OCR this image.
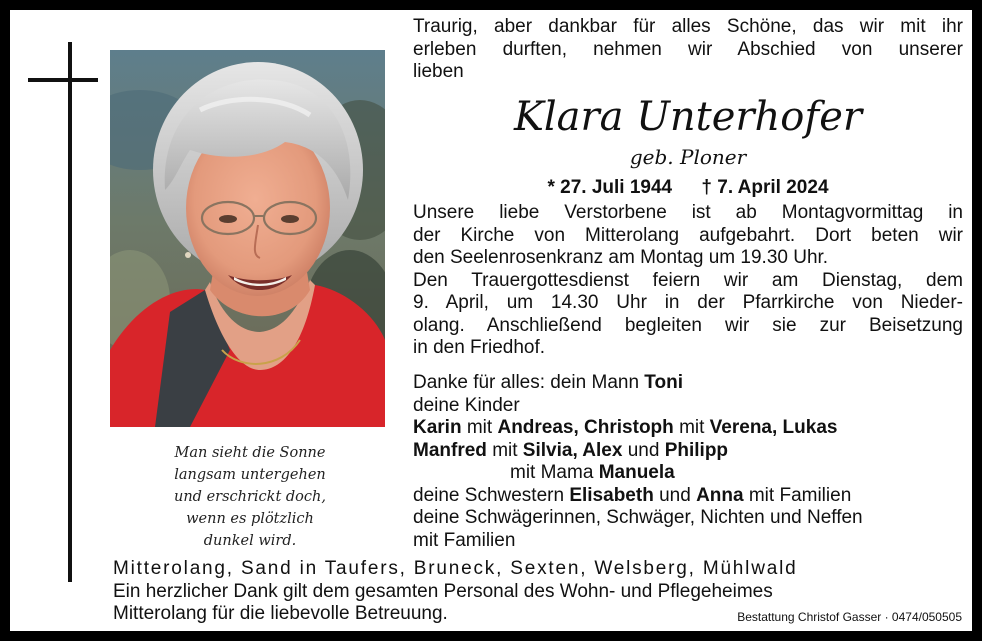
Man sieht die Sonne
langsam untergehen
und erschrickt doch,
wenn es plötzlich
dunkel wird.
Traurig, aber dankbar für alles Schöne, das wir mit ihr
erleben durften, nehmen wir Abschied von unserer
lieben
Klara Unterhofer
geb. Ploner
* 27. Juli 1944 † 7. April 2024
Unsere liebe Verstorbene ist ab Montagvormittag in
der Kirche von Mitterolang aufgebahrt. Dort beten wir
den Seelenrosenkranz am Montag um 19.30 Uhr.
Den Trauergottesdienst feiern wir am Dienstag, dem
9. April, um 14.30 Uhr in der Pfarrkirche von Nieder-
olang. Anschließend begleiten wir sie zur Beisetzung
in den Friedhof.
Danke für alles: dein Mann Toni
deine Kinder
Karin mit Andreas, Christoph mit Verena, Lukas
Manfred mit Silvia, Alex und Philipp
mit Mama Manuela
deine Schwestern Elisabeth und Anna mit Familien
deine Schwägerinnen, Schwäger, Nichten und Neffen
mit Familien
Mitterolang, Sand in Taufers, Bruneck, Sexten, Welsberg, Mühlwald
Ein herzlicher Dank gilt dem gesamten Personal des Wohn- und Pflegeheimes
Mitterolang für die liebevolle Betreuung.	Bestattung Christof Gasser · 0474/050505
